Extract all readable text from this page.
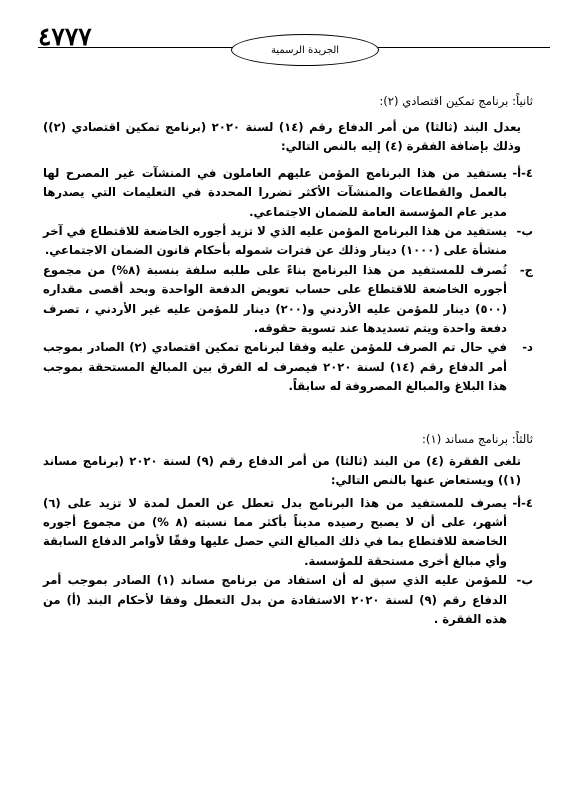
٤٧٧٧	الجريدة الرسمية
ثانياً: برنامج تمكين اقتصادي (٢):
يعدل البند (ثالثا) من أمر الدفاع رقم (١٤) لسنة ٢٠٢٠ (برنامج تمكين اقتصادي (٢)) وذلك بإضافة الفقرة (٤) إليه بالنص التالي:
٤-أ-
يستفيد من هذا البرنامج المؤمن عليهم العاملون في المنشآت غير المصرح لها بالعمل والقطاعات والمنشآت الأكثر تضررا المحددة في التعليمات التي يصدرها مدير عام المؤسسة العامة للضمان الاجتماعي.
ب-
يستفيد من هذا البرنامج المؤمن عليه الذي لا تزيد أجوره الخاضعة للاقتطاع في آخر منشأة على (١٠٠٠) دينار وذلك عن فترات شموله بأحكام قانون الضمان الاجتماعي.
ج-
تُصرف للمستفيد من هذا البرنامج بناءً على طلبه سلفة بنسبة (٨%) من مجموع أجوره الخاضعة للاقتطاع على حساب تعويض الدفعة الواحدة وبحد أقصى مقداره (٥٠٠) دينار للمؤمن عليه الأردني و(٢٠٠) دينار للمؤمن عليه غير الأردني ، تصرف دفعة واحدة ويتم تسديدها عند تسوية حقوقه.
د-
في حال تم الصرف للمؤمن عليه وفقا لبرنامج تمكين اقتصادي (٢) الصادر بموجب أمر الدفاع رقم (١٤) لسنة ٢٠٢٠ فيصرف له الفرق بين المبالغ المستحقة بموجب هذا البلاغ والمبالغ المصروفة له سابقاً.
ثالثاً: برنامج مساند (١):
تلغى الفقرة (٤) من البند (ثالثا) من أمر الدفاع رقم (٩) لسنة ٢٠٢٠ (برنامج مساند (١)) ويستعاض عنها بالنص التالي:
٤-أ-
يصرف للمستفيد من هذا البرنامج بدل تعطل عن العمل لمدة لا تزيد على (٦) أشهر، على أن لا يصبح رصيده مديناً بأكثر مما نسبته (٨ %) من مجموع أجوره الخاضعة للاقتطاع بما في ذلك المبالغ التي حصل عليها وفقًا لأوامر الدفاع السابقة وأي مبالغ أخرى مستحقة للمؤسسة.
ب-
للمؤمن عليه الذي سبق له أن استفاد من برنامج مساند (١) الصادر بموجب أمر الدفاع رقم (٩) لسنة ٢٠٢٠ الاستفادة من بدل التعطل وفقا لأحكام البند (أ) من هذه الفقرة .
